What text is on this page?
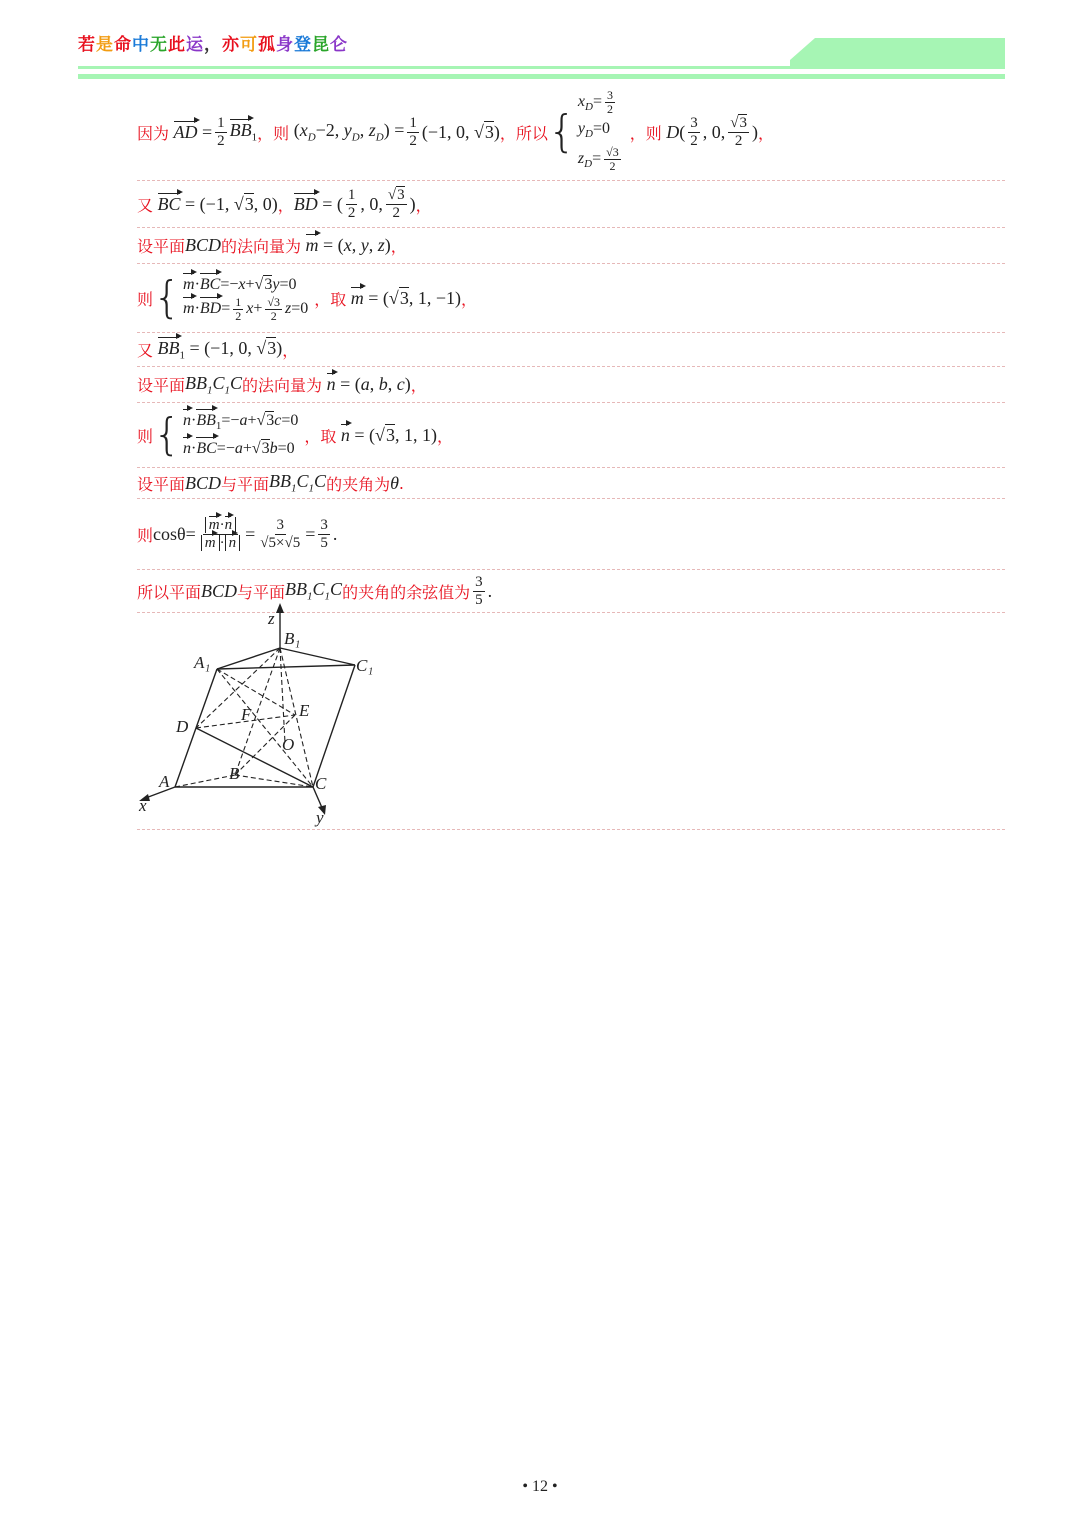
若是命中无此运，亦可孤身登昆仑
因为 AD = $\frac{1}{2} BB_1$ ，则 ($x_D-2$, $y_D$, $z_D) = \frac{1}{2} (-1$, 0, √3) ，所以 {
$x_D= \frac{3}{2}$
$y_D=0$
$z_D= \frac{√3}{2}$
，则 $D( \frac{3}{2}$ , 0, $\frac{√3}{2}$ ) ，
又 BC = (−1, √3, 0) ， BD = ( $\frac{1}{2}$ , 0, $\frac{√3}{2}$ ) ，
设平面 BCD 的法向量为 m = (x, y, z) ，
则 { m·BC=−x+√3y=0
$m\cdot BD= \frac{1}{2} x+ \frac{√3}{2} z=0$ ，取 m = (√3, 1, −1) ，
又 $BB_1 = (-1$, 0, √3) ，
设平面 $BB_1C_1C$ 的法向量为 n = (a, b, c) ，
则 { $n\cdot BB_1=-a+√3c=0$
n·BC=−a+√3b=0
，取 n = (√3, 1, 1) ，
设平面 BCD 与平面 $BB_1C_1C$ 的夹角为 θ .
则 $\cos\theta = \frac{m\cdot n}{m \cdot n} = \frac{3}{√5\times√5} = \frac{3}{5}$ .
所以平面 BCD 与平面 $BB_1C_1C$ 的夹角的余弦值为 $\frac{3}{5}$ .
z
B₁
A₁	C₁
D
F	E
O
A	B
C
x
y
• 12 •
